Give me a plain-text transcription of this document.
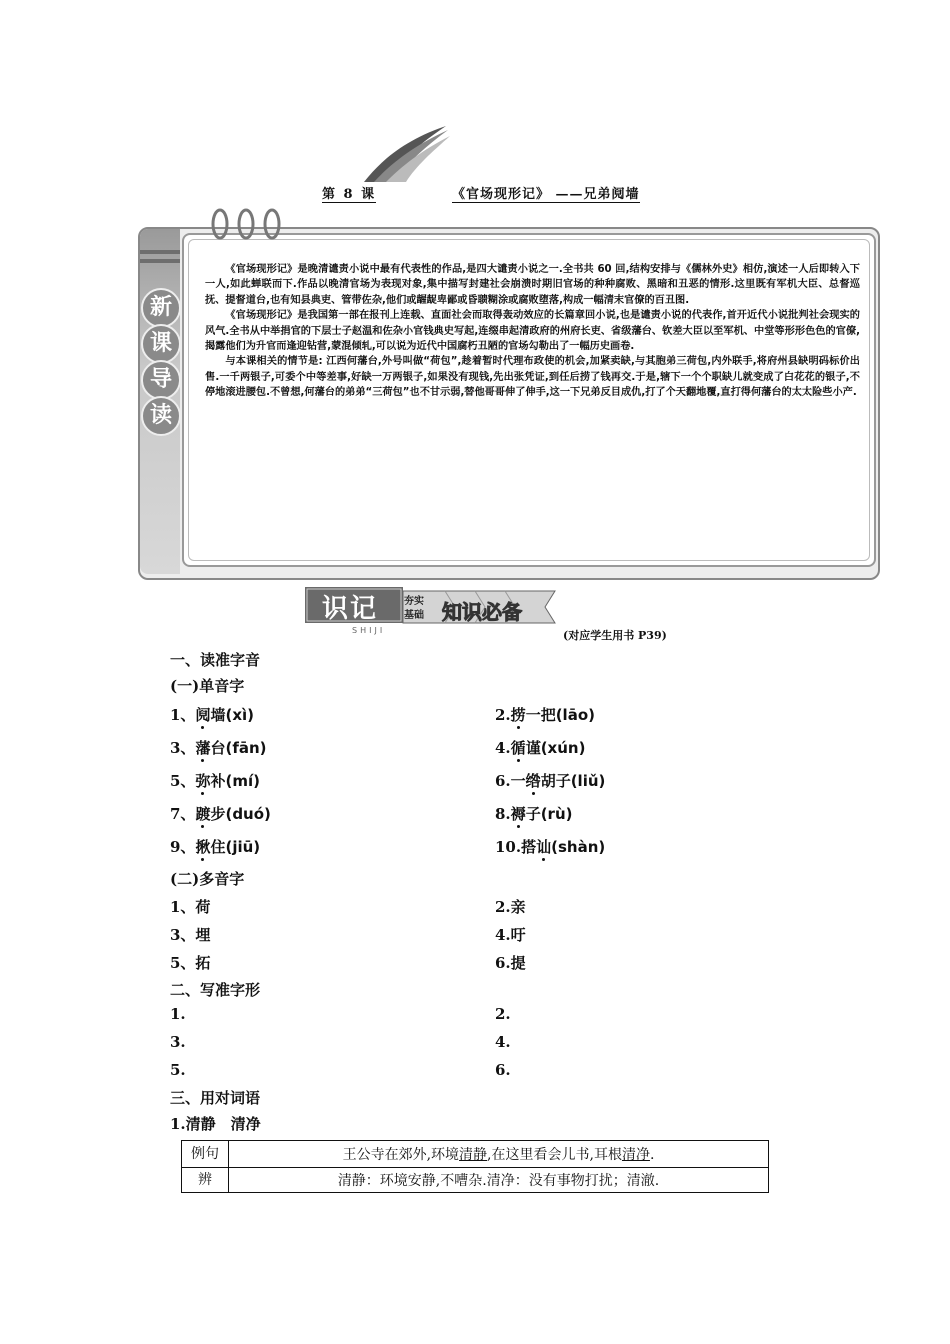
第 8 课	《官场现形记》 ——兄弟阋墙
新
课
导
读

《官场现形记》是晚清谴责小说中最有代表性的作品,是四大谴责小说之一.全书共 60 回,结构安排与《儒林外史》相仿,演述一人后即转入下一人,如此蝉联而下.作品以晚清官场为表现对象,集中描写封建社会崩溃时期旧官场的种种腐败、黑暗和丑恶的情形.这里既有军机大臣、总督巡抚、提督道台,也有知县典吏、管带佐杂,他们或龌龊卑鄙或昏聩糊涂或腐败堕落,构成一幅清末官僚的百丑图.

《官场现形记》是我国第一部在报刊上连载、直面社会而取得轰动效应的长篇章回小说,也是谴责小说的代表作,首开近代小说批判社会现实的风气.全书从中举捐官的下层士子赵温和佐杂小官钱典史写起,连缀串起清政府的州府长吏、省级藩台、钦差大臣以至军机、中堂等形形色色的官僚,揭露他们为升官而逢迎钻营,蒙混倾轧,可以说为近代中国腐朽丑陋的官场勾勒出了一幅历史画卷.

与本课相关的情节是: 江西何藩台,外号叫做“荷包”,趁着暂时代理布政使的机会,加紧卖缺,与其胞弟三荷包,内外联手,将府州县缺明码标价出售.一千两银子,可委个中等差事,好缺一万两银子,如果没有现钱,先出张凭证,到任后捞了钱再交.于是,辖下一个个职缺儿就变成了白花花的银子,不停地滚进腰包.不曾想,何藩台的弟弟“三荷包”也不甘示弱,替他哥哥伸了伸手,这一下兄弟反目成仇,打了个天翻地覆,直打得何藩台的太太险些小产.

识记	夯实
基础
SHIJI
知识必备
(对应学生用书 P39)
一、读准字音
(一)单音字
1、阋墙(xì)	2.捞一把(lāo)
3、藩台(fān)	4.循谨(xún)
5、弥补(mí)	6.一绺胡子(liǔ)
7、踱步(duó)	8.褥子(rù)
9、揪住(jiū)	10.搭讪(shàn)
(二)多音字
1、荷	2.亲
3、埋	4.吁
5、拓	6.提
二、写准字形
1.	2.
3.	4.
5.	6.
三、用对词语
1.清静　清净
例句	王公寺在郊外,环境清静,在这里看会儿书,耳根清净.
辨	清静：环境安静,不嘈杂.清净：没有事物打扰；清澈.
